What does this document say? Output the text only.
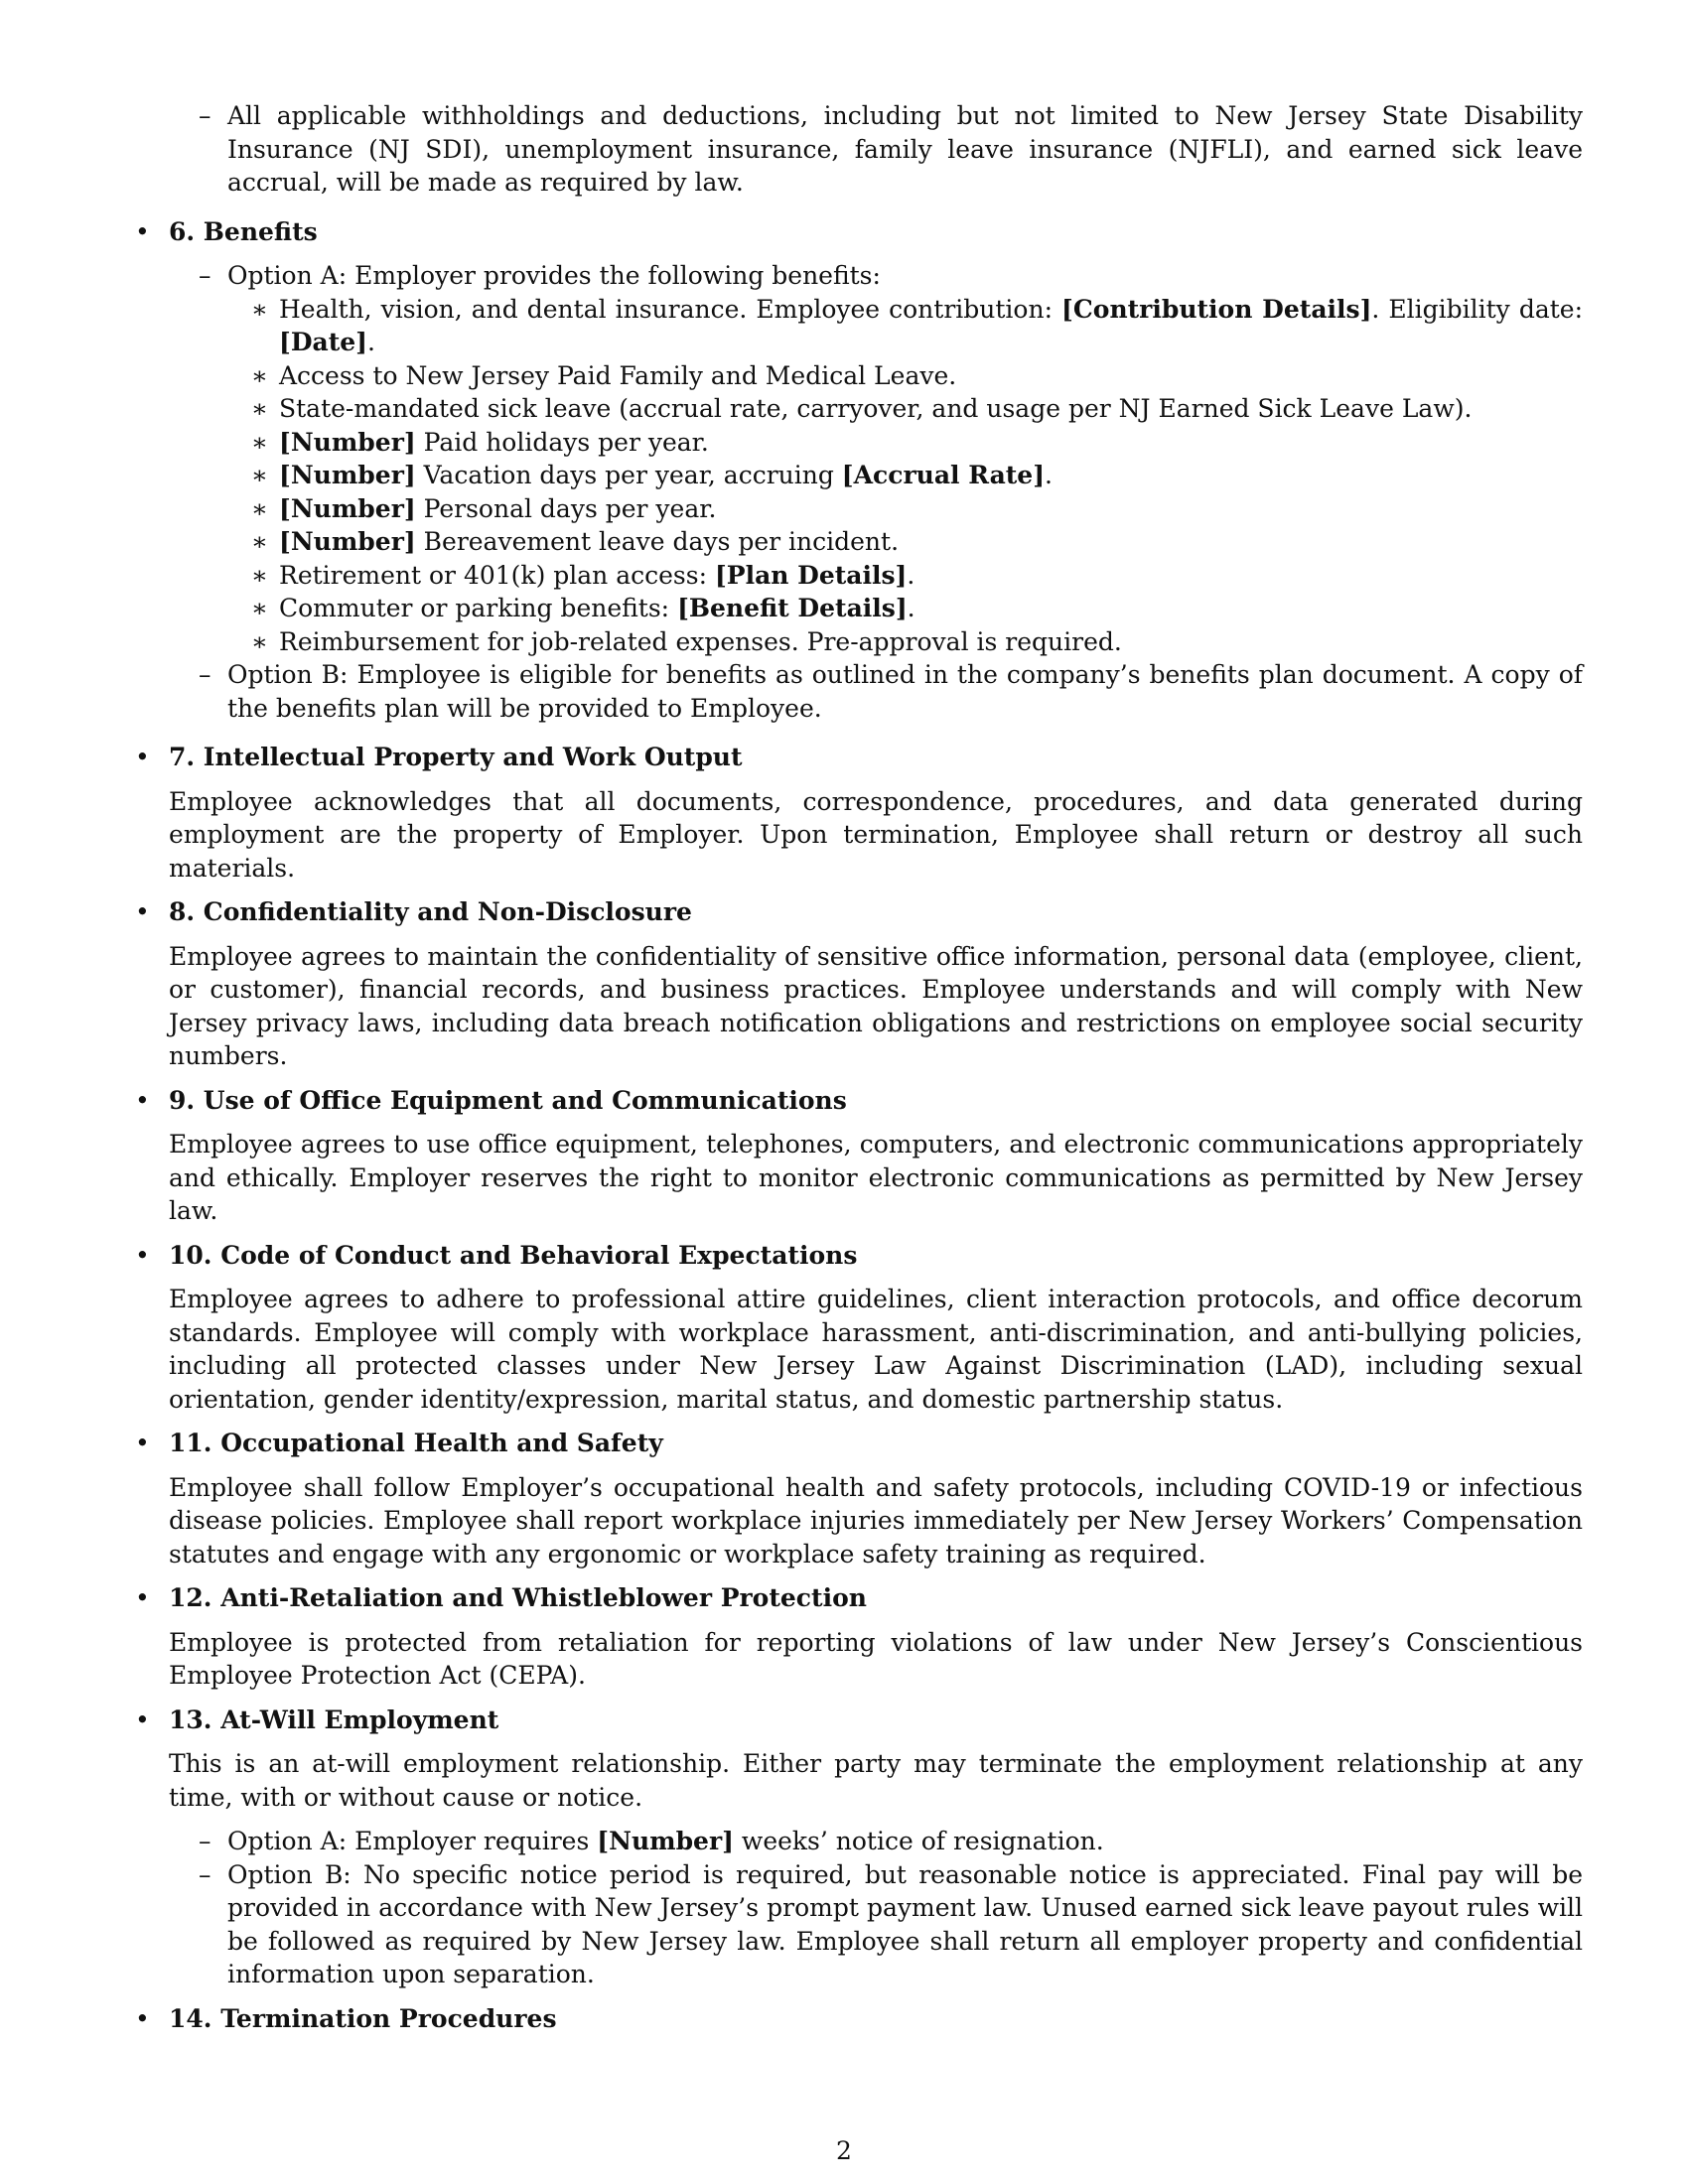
– All applicable withholdings and deductions, including but not limited to New Jersey State Disability Insurance (NJ SDI), unemployment insurance, family leave insurance (NJFLI), and earned sick leave accrual, will be made as required by law.
• 6. Benefits
– Option A: Employer provides the following benefits:
∗ Health, vision, and dental insurance. Employee contribution: [Contribution Details]. Eligibility date: [Date].
∗ Access to New Jersey Paid Family and Medical Leave.
∗ State-mandated sick leave (accrual rate, carryover, and usage per NJ Earned Sick Leave Law).
∗ [Number] Paid holidays per year.
∗ [Number] Vacation days per year, accruing [Accrual Rate].
∗ [Number] Personal days per year.
∗ [Number] Bereavement leave days per incident.
∗ Retirement or 401(k) plan access: [Plan Details].
∗ Commuter or parking benefits: [Benefit Details].
∗ Reimbursement for job-related expenses. Pre-approval is required.
– Option B: Employee is eligible for benefits as outlined in the company’s benefits plan document. A copy of the benefits plan will be provided to Employee.
• 7. Intellectual Property and Work Output
Employee acknowledges that all documents, correspondence, procedures, and data generated during employment are the property of Employer. Upon termination, Employee shall return or destroy all such materials.
• 8. Confidentiality and Non-Disclosure
Employee agrees to maintain the confidentiality of sensitive office information, personal data (employee, client, or customer), financial records, and business practices. Employee understands and will comply with New Jersey privacy laws, including data breach notification obligations and restrictions on employee social security numbers.
• 9. Use of Office Equipment and Communications
Employee agrees to use office equipment, telephones, computers, and electronic communications appropriately and ethically. Employer reserves the right to monitor electronic communications as permitted by New Jersey law.
• 10. Code of Conduct and Behavioral Expectations
Employee agrees to adhere to professional attire guidelines, client interaction protocols, and office decorum standards. Employee will comply with workplace harassment, anti-discrimination, and anti-bullying policies, including all protected classes under New Jersey Law Against Discrimination (LAD), including sexual orientation, gender identity/expression, marital status, and domestic partnership status.
• 11. Occupational Health and Safety
Employee shall follow Employer’s occupational health and safety protocols, including COVID-19 or infectious disease policies. Employee shall report workplace injuries immediately per New Jersey Workers’ Compensation statutes and engage with any ergonomic or workplace safety training as required.
• 12. Anti-Retaliation and Whistleblower Protection
Employee is protected from retaliation for reporting violations of law under New Jersey’s Conscientious Employee Protection Act (CEPA).
• 13. At-Will Employment
This is an at-will employment relationship. Either party may terminate the employment relationship at any time, with or without cause or notice.
– Option A: Employer requires [Number] weeks’ notice of resignation.
– Option B: No specific notice period is required, but reasonable notice is appreciated. Final pay will be provided in accordance with New Jersey’s prompt payment law. Unused earned sick leave payout rules will be followed as required by New Jersey law. Employee shall return all employer property and confidential information upon separation.
• 14. Termination Procedures
2
